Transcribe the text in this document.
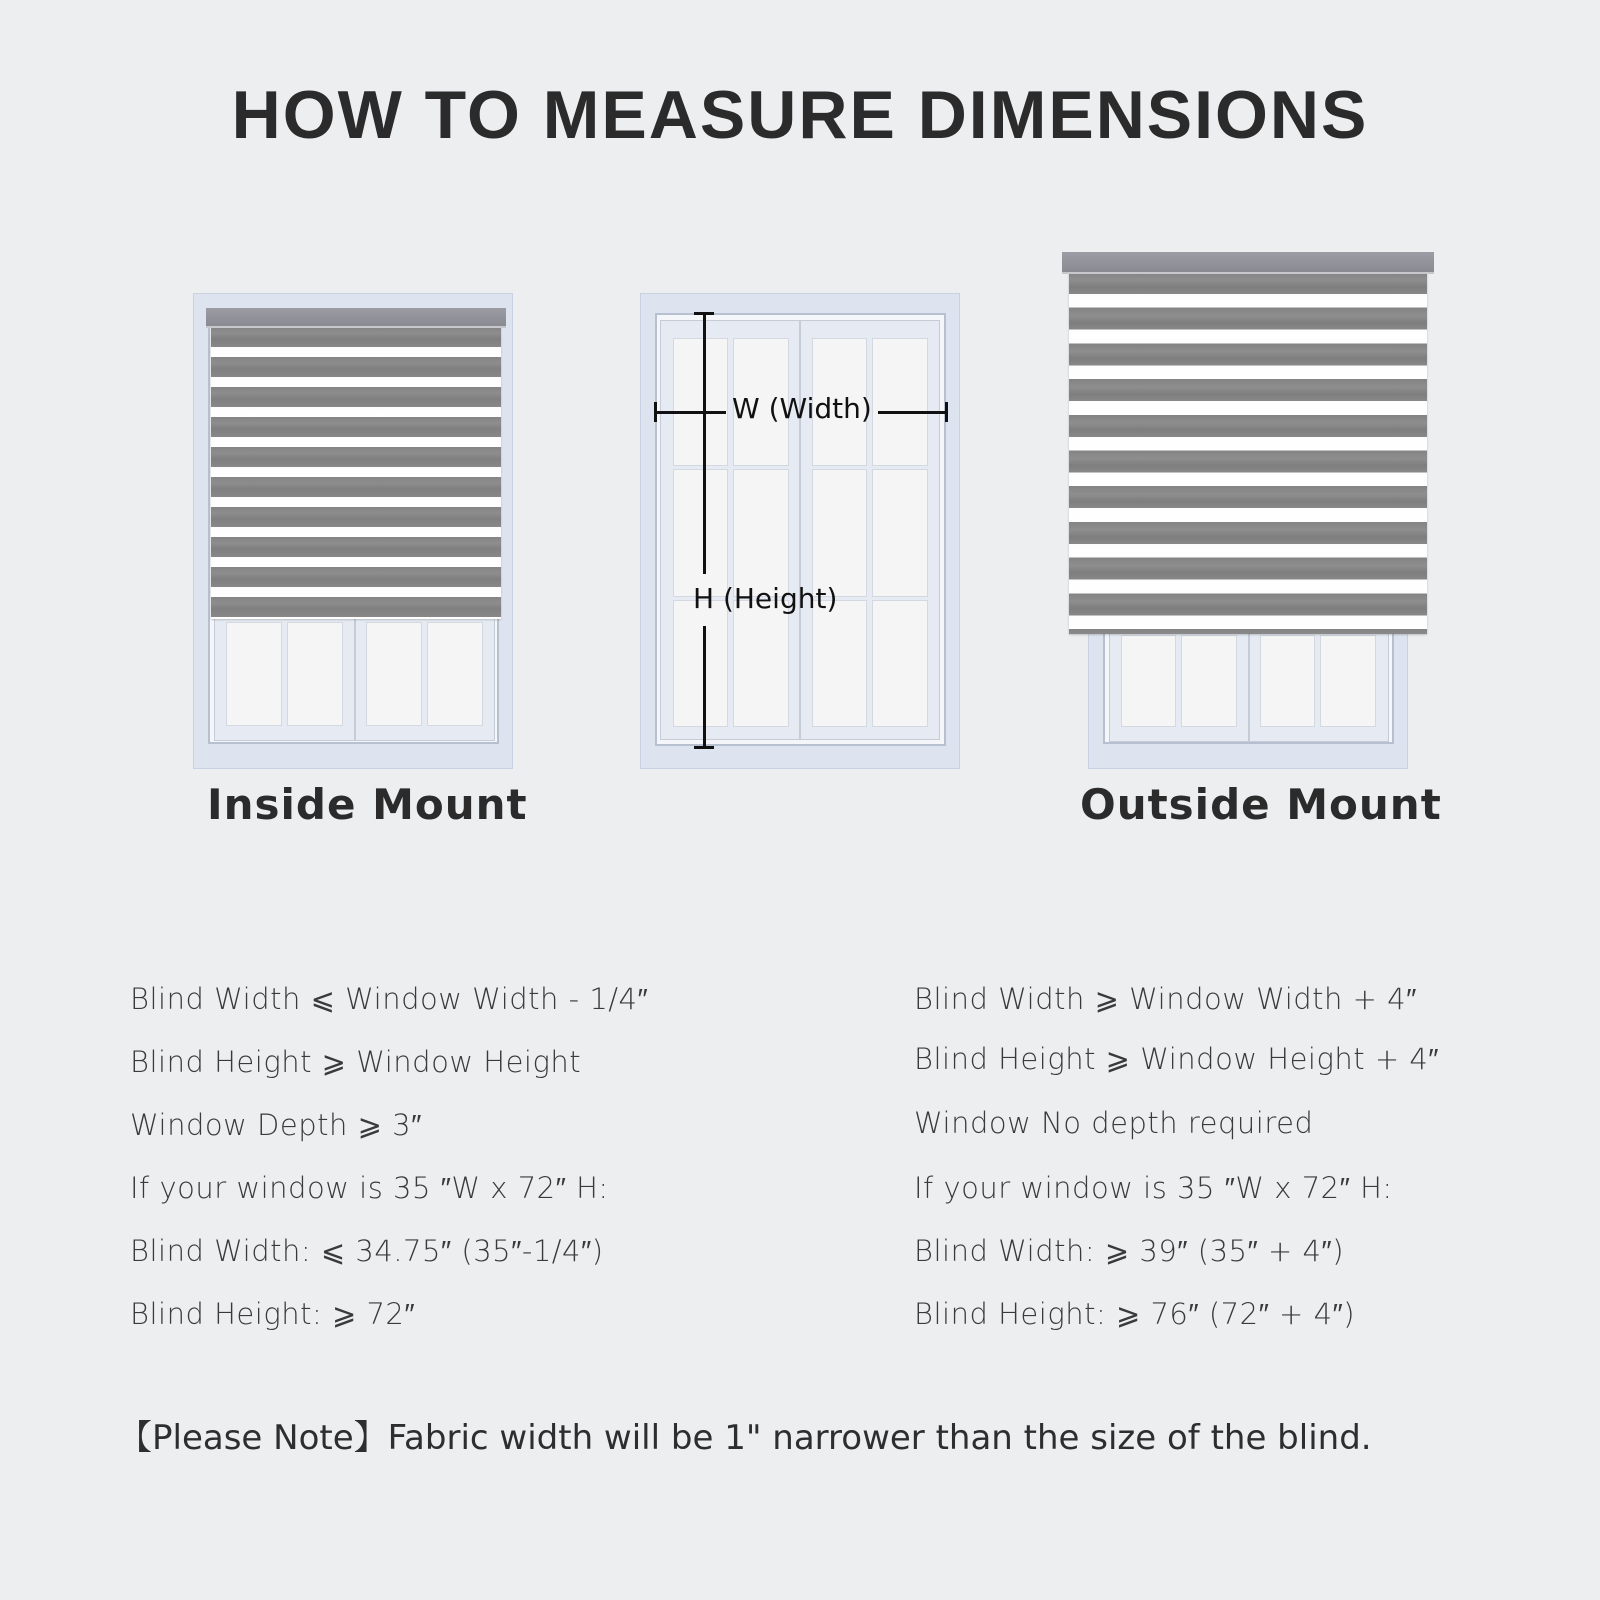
HOW TO MEASURE DIMENSIONS
Inside Mount
W (Width)
H (Height)
Outside Mount
Blind Width ⩽ Window Width - 1/4″
Blind Height ⩾ Window Height
Window Depth ⩾ 3″
If your window is 35 ″W x 72″ H:
Blind Width: ⩽ 34.75″ (35″-1/4″)
Blind Height: ⩾ 72″
Blind Width ⩾ Window Width + 4″
Blind Height ⩾ Window Height + 4″
Window No depth required
If your window is 35 ″W x 72″ H:
Blind Width: ⩾ 39″ (35″ + 4″)
Blind Height: ⩾ 76″ (72″ + 4″)
【Please Note】Fabric width will be 1" narrower than the size of the blind.
